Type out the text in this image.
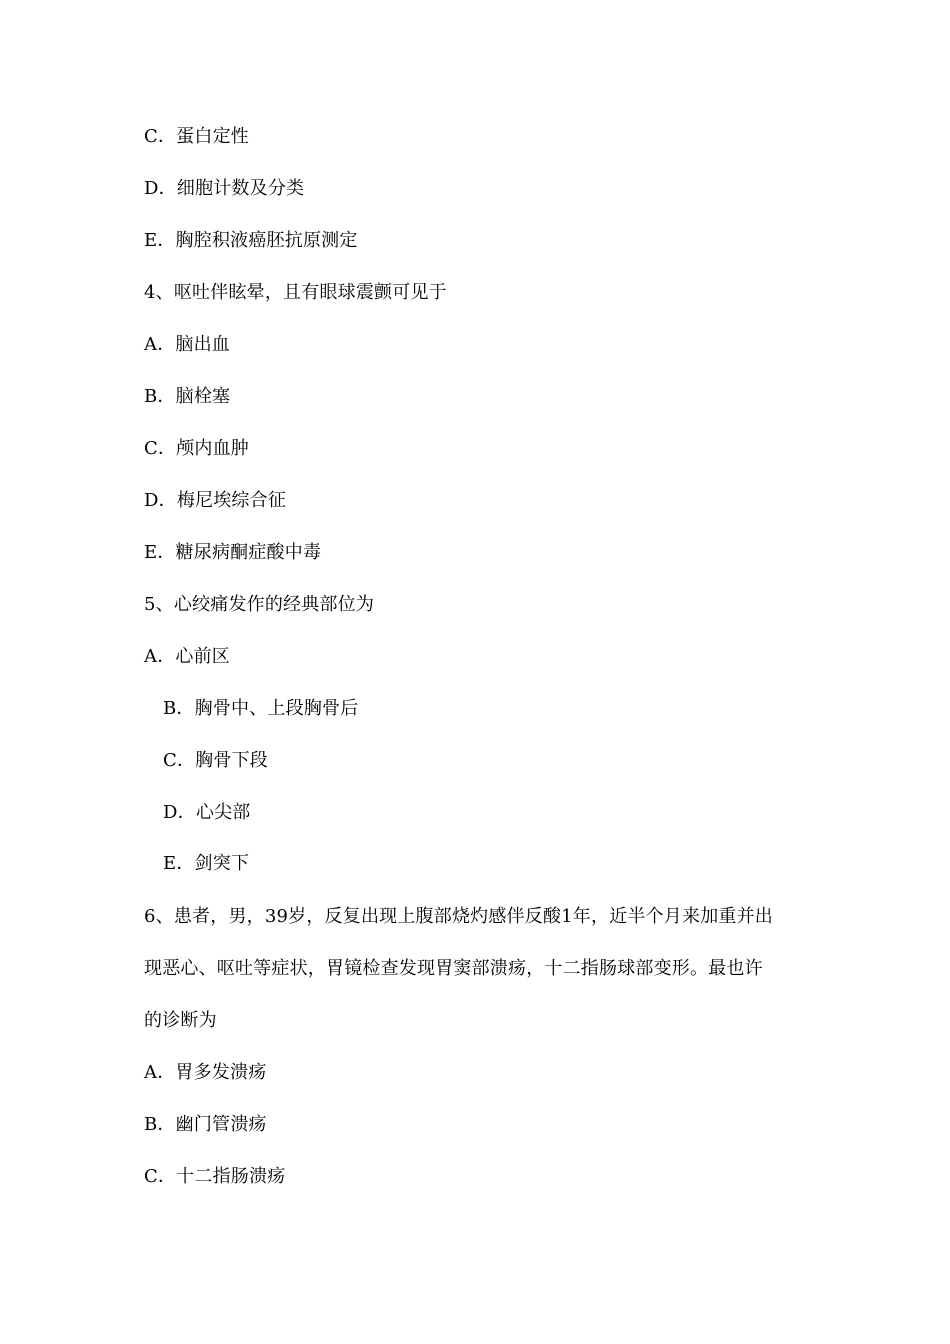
C．蛋白定性
D．细胞计数及分类
E．胸腔积液癌胚抗原测定
4、呕吐伴眩晕，且有眼球震颤可见于
A．脑出血
B．脑栓塞
C．颅内血肿
D．梅尼埃综合征
E．糖尿病酮症酸中毒
5、心绞痛发作的经典部位为
A．心前区
B．胸骨中、上段胸骨后
C．胸骨下段
D．心尖部
E．剑突下
6、患者，男，39岁，反复出现上腹部烧灼感伴反酸1年，近半个月来加重并出
现恶心、呕吐等症状，胃镜检查发现胃窦部溃疡，十二指肠球部变形。最也许
的诊断为
A．胃多发溃疡
B．幽门管溃疡
C．十二指肠溃疡
